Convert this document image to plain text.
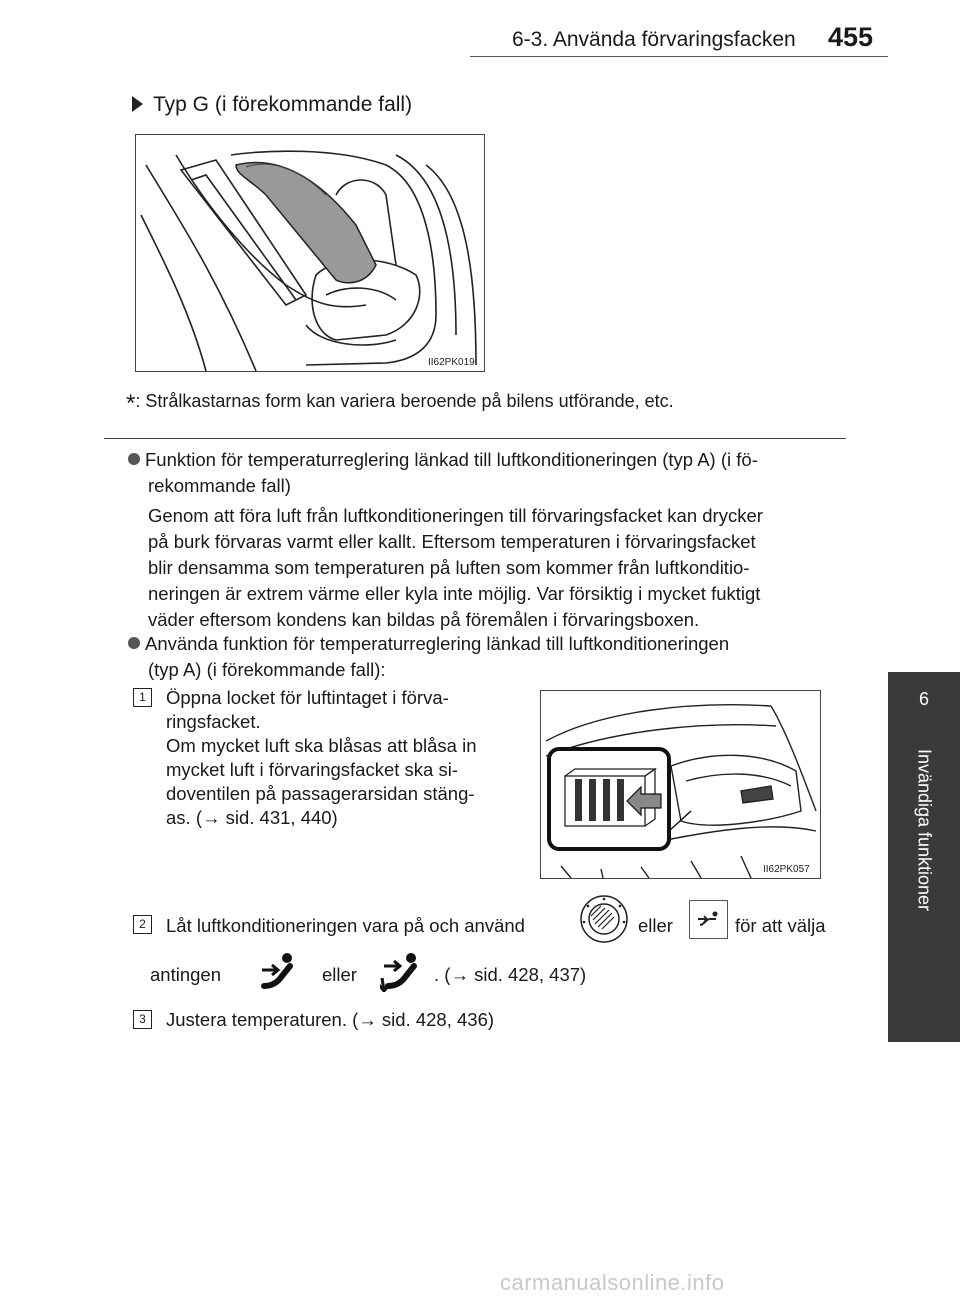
6-3. Använda förvaringsfacken 455
6
Invändiga funktioner
Typ G (i förekommande fall)
II62PK019
*: Strålkastarnas form kan variera beroende på bilens utförande, etc.
Funktion för temperaturreglering länkad till luftkonditioneringen (typ A) (i fö-
rekommande fall)
Genom att föra luft från luftkonditioneringen till förvaringsfacket kan drycker
på burk förvaras varmt eller kallt. Eftersom temperaturen i förvaringsfacket
blir densamma som temperaturen på luften som kommer från luftkonditio-
neringen är extrem värme eller kyla inte möjlig. Var försiktig i mycket fuktigt
väder eftersom kondens kan bildas på föremålen i förvaringsboxen.
Använda funktion för temperaturreglering länkad till luftkonditioneringen
(typ A) (i förekommande fall):
1	Öppna locket för luftintaget i förva-
ringsfacket.
Om mycket luft ska blåsas att blåsa in
mycket luft i förvaringsfacket ska si-
doventilen på passagerarsidan stäng-
as. (→ sid. 431, 440)
II62PK057
2	Låt luftkonditioneringen vara på och använd	eller	för att välja
antingen	eller	. (→ sid. 428, 437)
3	Justera temperaturen. (→ sid. 428, 436)
carmanualsonline.info
